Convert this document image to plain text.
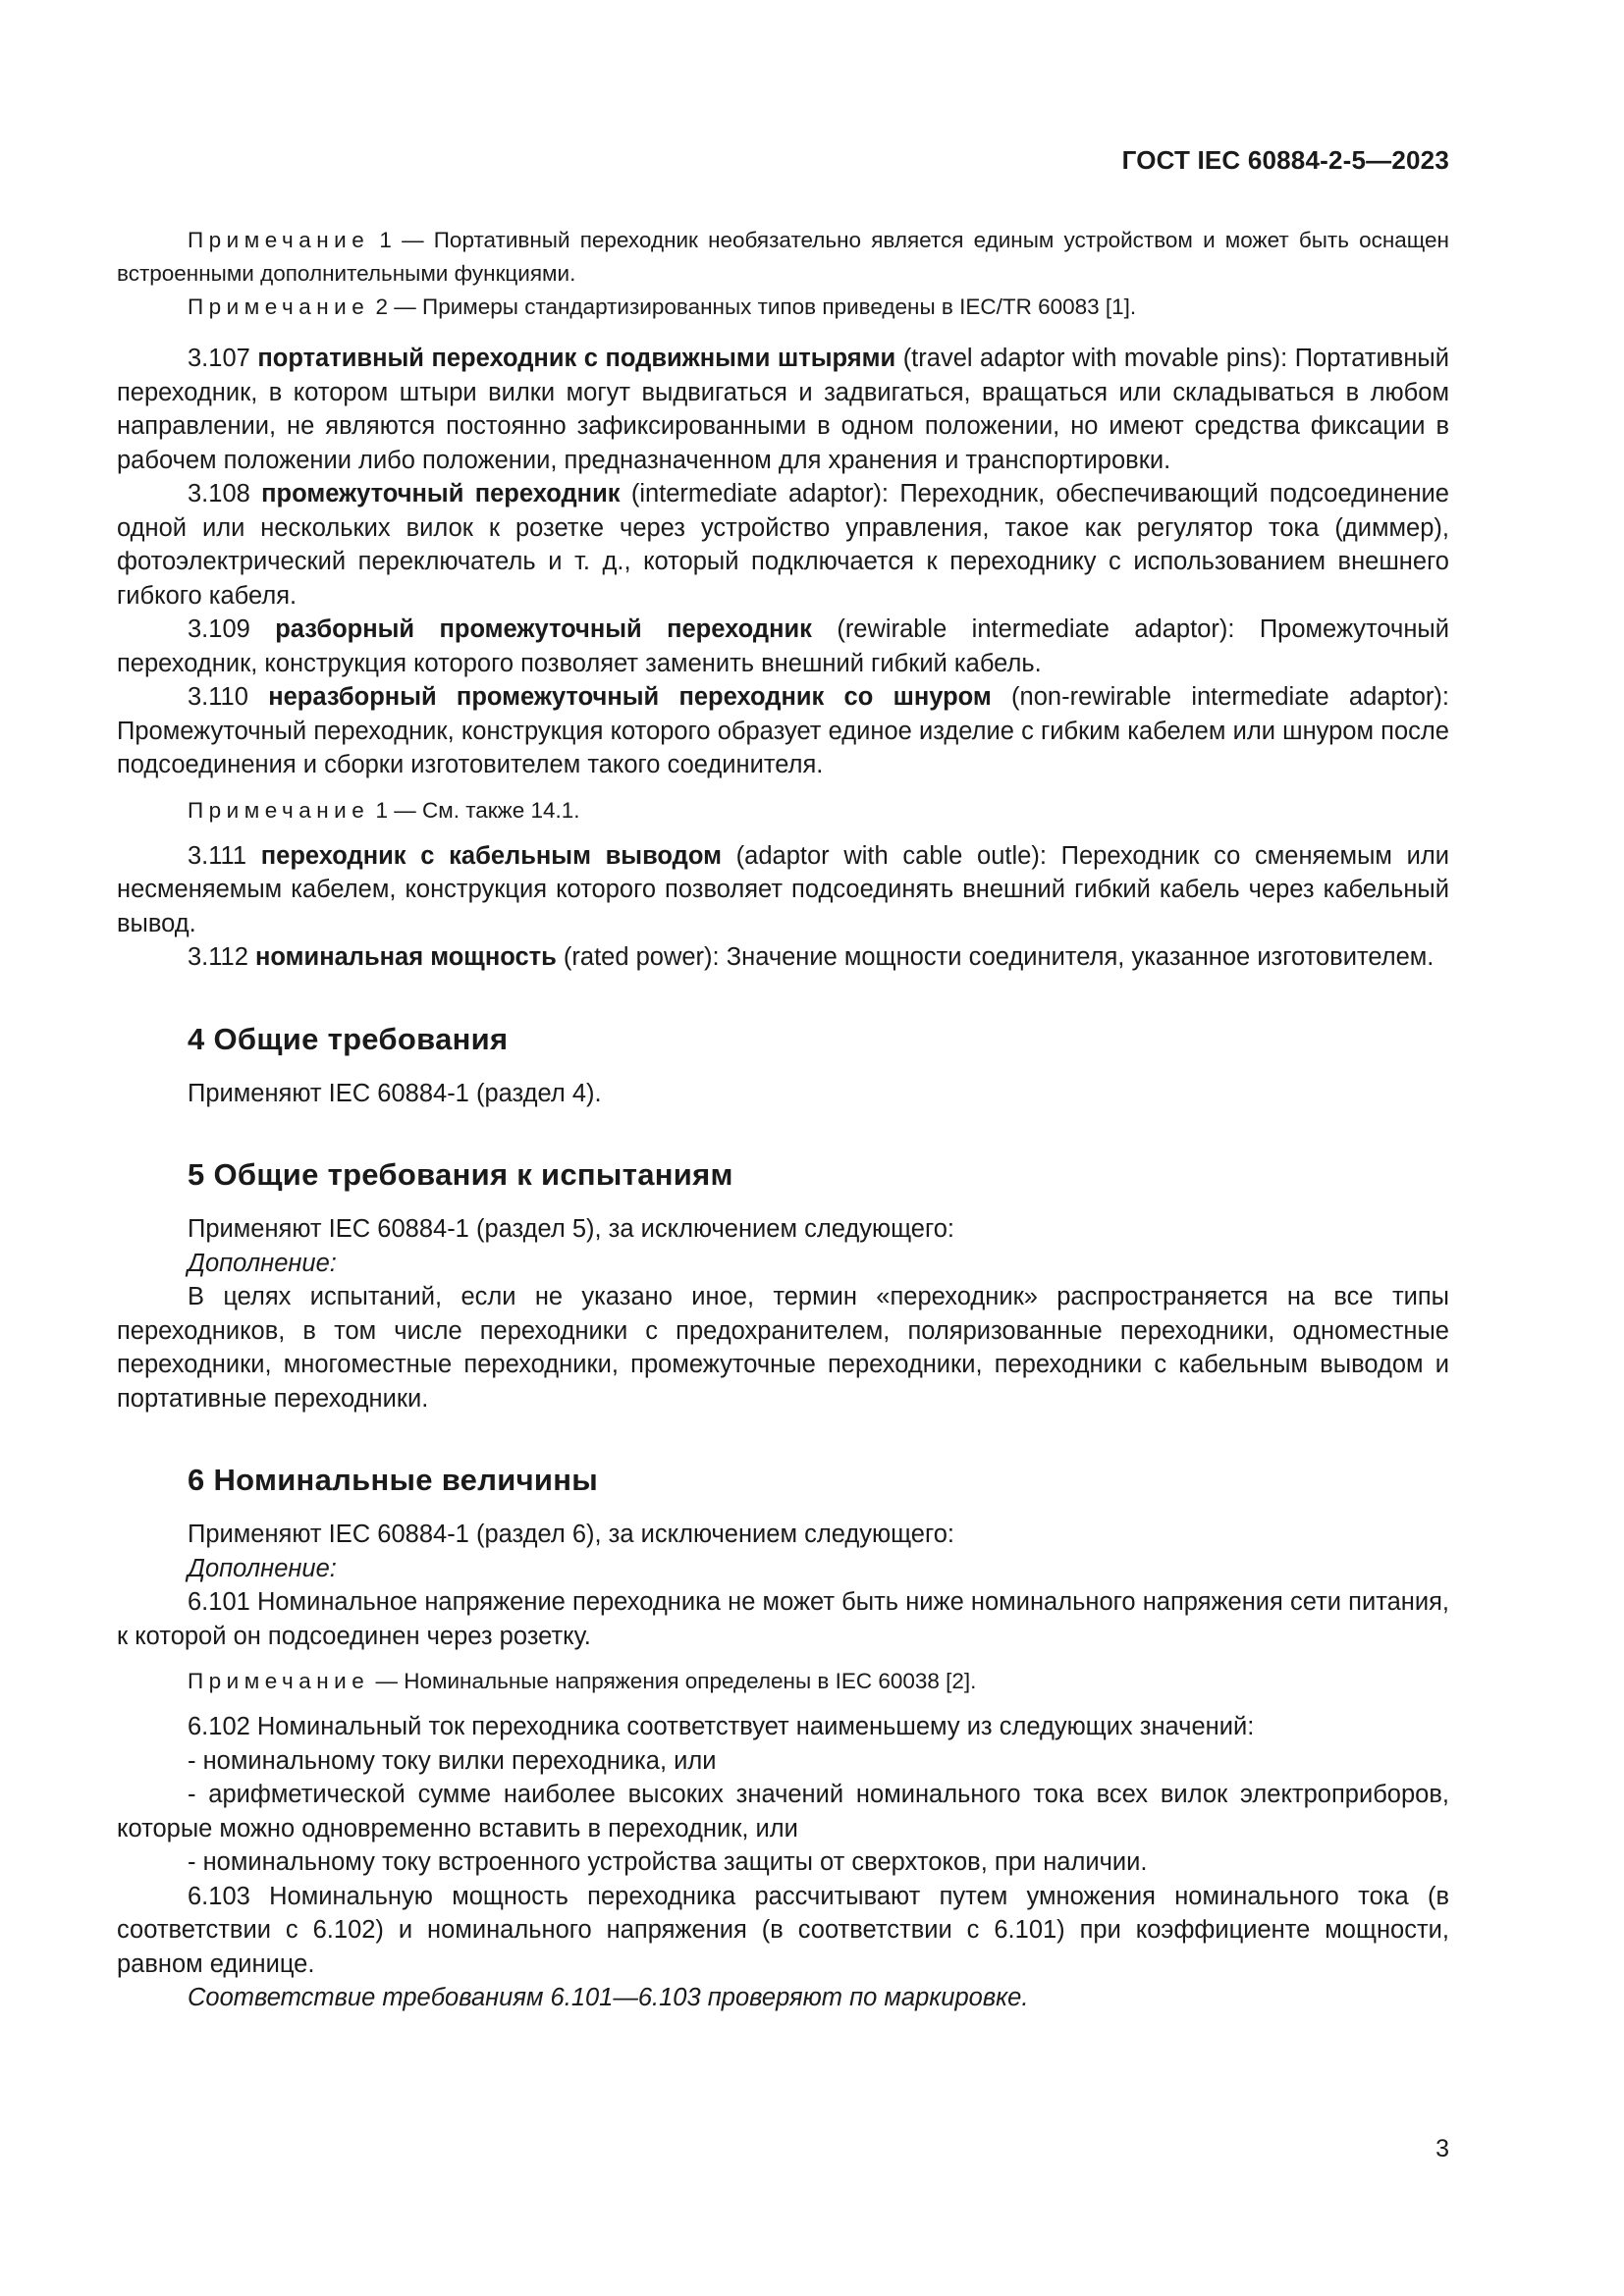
ГОСТ IEC 60884-2-5—2023

Примечание 1 — Портативный переходник необязательно является единым устройством и может быть оснащен встроенными дополнительными функциями.

Примечание 2 — Примеры стандартизированных типов приведены в IEC/TR 60083 [1].

3.107 портативный переходник с подвижными штырями (travel adaptor with movable pins): Портативный переходник, в котором штыри вилки могут выдвигаться и задвигаться, вращаться или складываться в любом направлении, не являются постоянно зафиксированными в одном положении, но имеют средства фиксации в рабочем положении либо положении, предназначенном для хранения и транспортировки.

3.108 промежуточный переходник (intermediate adaptor): Переходник, обеспечивающий подсоединение одной или нескольких вилок к розетке через устройство управления, такое как регулятор тока (диммер), фотоэлектрический переключатель и т. д., который подключается к переходнику с использованием внешнего гибкого кабеля.

3.109 разборный промежуточный переходник (rewirable intermediate adaptor): Промежуточный переходник, конструкция которого позволяет заменить внешний гибкий кабель.

3.110 неразборный промежуточный переходник со шнуром (non-rewirable intermediate adaptor): Промежуточный переходник, конструкция которого образует единое изделие с гибким кабелем или шнуром после подсоединения и сборки изготовителем такого соединителя.

Примечание 1 — См. также 14.1.

3.111 переходник с кабельным выводом (adaptor with cable outle): Переходник со сменяемым или несменяемым кабелем, конструкция которого позволяет подсоединять внешний гибкий кабель через кабельный вывод.

3.112 номинальная мощность (rated power): Значение мощности соединителя, указанное изготовителем.

4 Общие требования

Применяют IEC 60884-1 (раздел 4).

5 Общие требования к испытаниям

Применяют IEC 60884-1 (раздел 5), за исключением следующего:

Дополнение:

В целях испытаний, если не указано иное, термин «переходник» распространяется на все типы переходников, в том числе переходники с предохранителем, поляризованные переходники, одноместные переходники, многоместные переходники, промежуточные переходники, переходники с кабельным выводом и портативные переходники.

6 Номинальные величины

Применяют IEC 60884-1 (раздел 6), за исключением следующего:

Дополнение:

6.101 Номинальное напряжение переходника не может быть ниже номинального напряжения сети питания, к которой он подсоединен через розетку.

Примечание — Номинальные напряжения определены в IEC 60038 [2].

6.102 Номинальный ток переходника соответствует наименьшему из следующих значений:

- номинальному току вилки переходника, или

- арифметической сумме наиболее высоких значений номинального тока всех вилок электроприборов, которые можно одновременно вставить в переходник, или

- номинальному току встроенного устройства защиты от сверхтоков, при наличии.

6.103 Номинальную мощность переходника рассчитывают путем умножения номинального тока (в соответствии с 6.102) и номинального напряжения (в соответствии с 6.101) при коэффициенте мощности, равном единице.

Соответствие требованиям 6.101—6.103 проверяют по маркировке.

3
